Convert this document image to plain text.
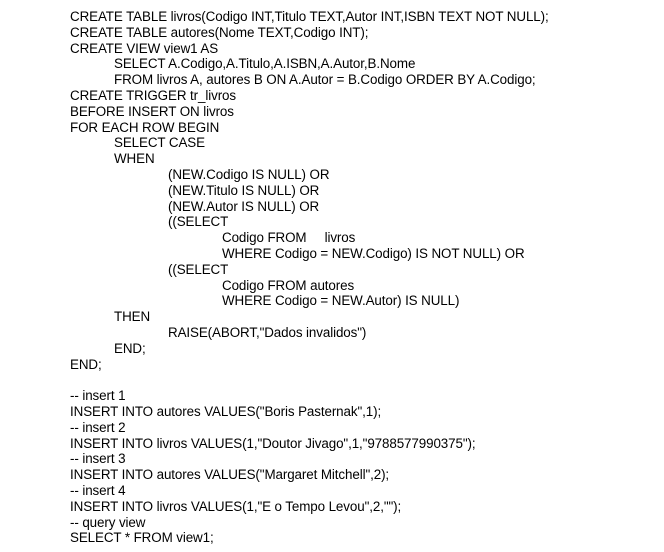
CREATE TABLE livros(Codigo INT,Titulo TEXT,Autor INT,ISBN TEXT NOT NULL);
CREATE TABLE autores(Nome TEXT,Codigo INT);
CREATE VIEW view1 AS
SELECT A.Codigo,A.Titulo,A.ISBN,A.Autor,B.Nome
FROM livros A, autores B ON A.Autor = B.Codigo ORDER BY A.Codigo;
CREATE TRIGGER tr_livros
BEFORE INSERT ON livros
FOR EACH ROW BEGIN
SELECT CASE
WHEN
(NEW.Codigo IS NULL) OR
(NEW.Titulo IS NULL) OR
(NEW.Autor IS NULL) OR
((SELECT
Codigo FROM     livros
WHERE Codigo = NEW.Codigo) IS NOT NULL) OR
((SELECT
Codigo FROM autores
WHERE Codigo = NEW.Autor) IS NULL)
THEN
RAISE(ABORT,"Dados invalidos")
END;
END;
-- insert 1
INSERT INTO autores VALUES("Boris Pasternak",1);
-- insert 2
INSERT INTO livros VALUES(1,"Doutor Jivago",1,"9788577990375");
-- insert 3
INSERT INTO autores VALUES("Margaret Mitchell",2);
-- insert 4
INSERT INTO livros VALUES(1,"E o Tempo Levou",2,"");
-- query view
SELECT * FROM view1;
